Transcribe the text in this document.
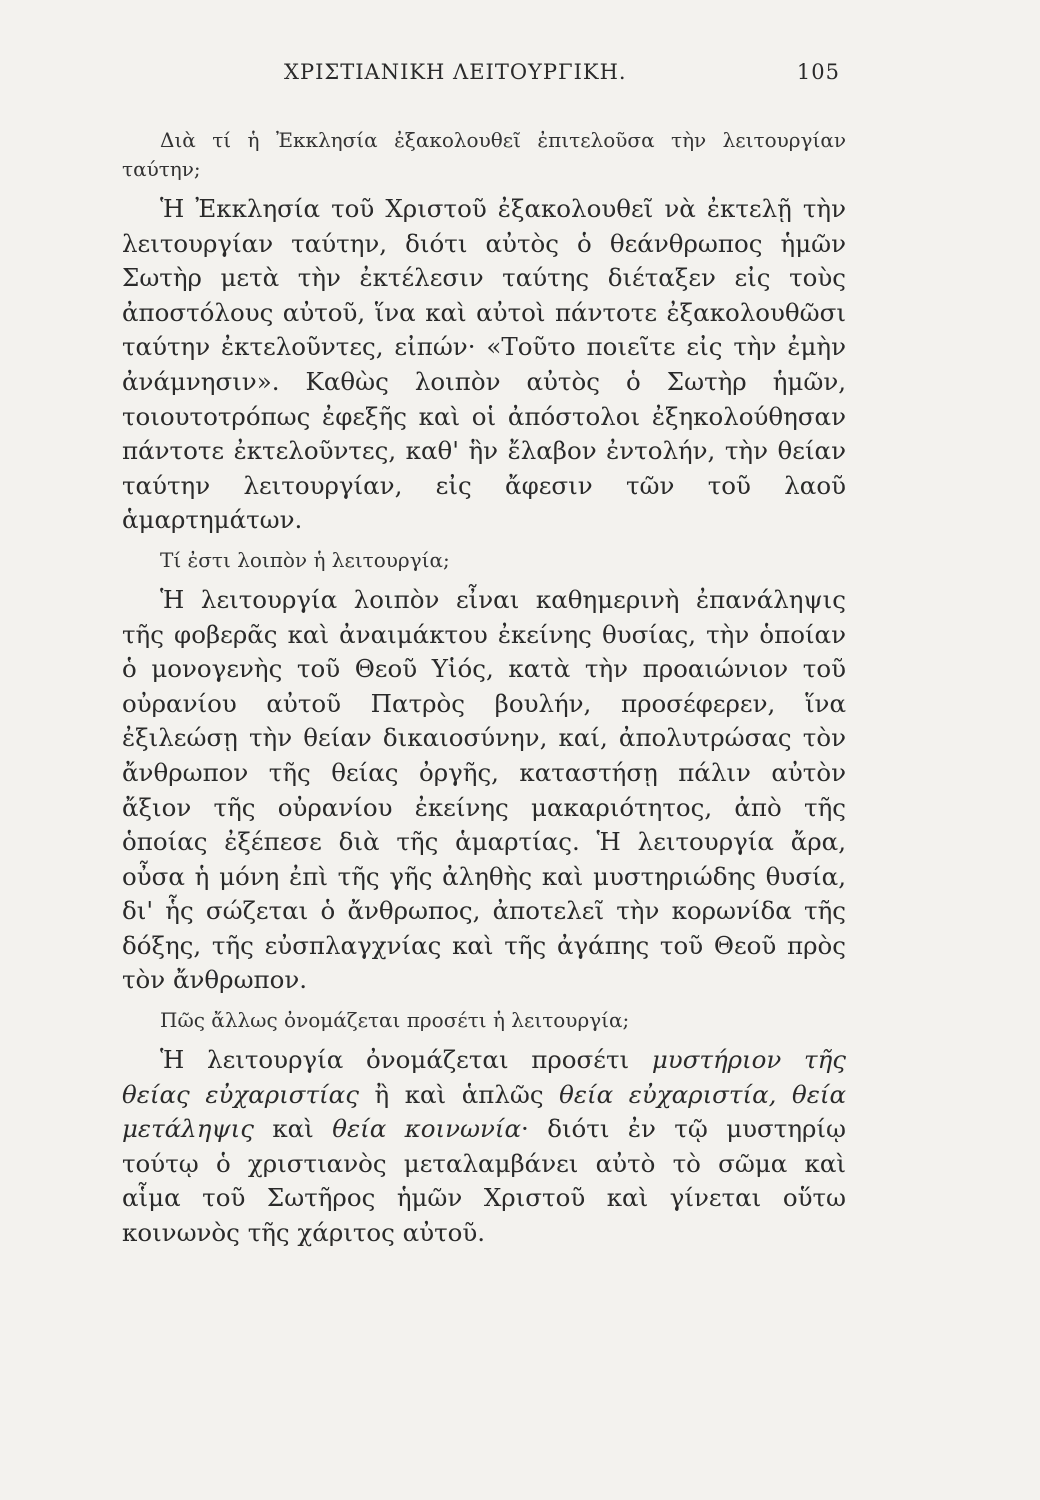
ΧΡΙΣΤΙΑΝΙΚΗ ΛΕΙΤΟΥΡΓΙΚΗ.	105

Διὰ τί ἡ Ἐκκλησία ἐξακολουθεῖ ἐπιτελοῦσα τὴν λειτουργίαν ταύτην;

Ἡ Ἐκκλησία τοῦ Χριστοῦ ἐξακολουθεῖ νὰ ἐκτελῇ τὴν λειτουργίαν ταύτην, διότι αὐτὸς ὁ θεάνθρωπος ἡμῶν Σωτὴρ μετὰ τὴν ἐκτέλεσιν ταύτης διέταξεν εἰς τοὺς ἀποστόλους αὐτοῦ, ἵνα καὶ αὐτοὶ πάντοτε ἐξακολουθῶσι ταύτην ἐκτελοῦντες, εἰπών· «Τοῦτο ποιεῖτε εἰς τὴν ἐμὴν ἀνάμνησιν». Καθὼς λοιπὸν αὐτὸς ὁ Σωτὴρ ἡμῶν, τοιουτοτρόπως ἐφεξῆς καὶ οἱ ἀπόστολοι ἐξηκολούθησαν πάντοτε ἐκτελοῦντες, καθ' ἣν ἔλαβον ἐντολήν, τὴν θείαν ταύτην λειτουργίαν, εἰς ἄφεσιν τῶν τοῦ λαοῦ ἁμαρτημάτων.

Τί ἐστι λοιπὸν ἡ λειτουργία;

Ἡ λειτουργία λοιπὸν εἶναι καθημερινὴ ἐπανάληψις τῆς φοβερᾶς καὶ ἀναιμάκτου ἐκείνης θυσίας, τὴν ὁποίαν ὁ μονογενὴς τοῦ Θεοῦ Υἱός, κατὰ τὴν προαιώνιον τοῦ οὐρανίου αὐτοῦ Πατρὸς βουλήν, προσέφερεν, ἵνα ἐξιλεώσῃ τὴν θείαν δικαιοσύνην, καί, ἀπολυτρώσας τὸν ἄνθρωπον τῆς θείας ὀργῆς, καταστήσῃ πάλιν αὐτὸν ἄξιον τῆς οὐρανίου ἐκείνης μακαριότητος, ἀπὸ τῆς ὁποίας ἐξέπεσε διὰ τῆς ἁμαρτίας. Ἡ λειτουργία ἄρα, οὖσα ἡ μόνη ἐπὶ τῆς γῆς ἀληθὴς καὶ μυστηριώδης θυσία, δι' ἧς σώζεται ὁ ἄνθρωπος, ἀποτελεῖ τὴν κορωνίδα τῆς δόξης, τῆς εὐσπλαγχνίας καὶ τῆς ἀγάπης τοῦ Θεοῦ πρὸς τὸν ἄνθρωπον.

Πῶς ἄλλως ὀνομάζεται προσέτι ἡ λειτουργία;

Ἡ λειτουργία ὀνομάζεται προσέτι μυστήριον τῆς θείας εὐχαριστίας ἢ καὶ ἁπλῶς θεία εὐχαριστία, θεία μετάληψις καὶ θεία κοινωνία· διότι ἐν τῷ μυστηρίῳ τούτῳ ὁ χριστιανὸς μεταλαμβάνει αὐτὸ τὸ σῶμα καὶ αἷμα τοῦ Σωτῆρος ἡμῶν Χριστοῦ καὶ γίνεται οὕτω κοινωνὸς τῆς χάριτος αὐτοῦ.
